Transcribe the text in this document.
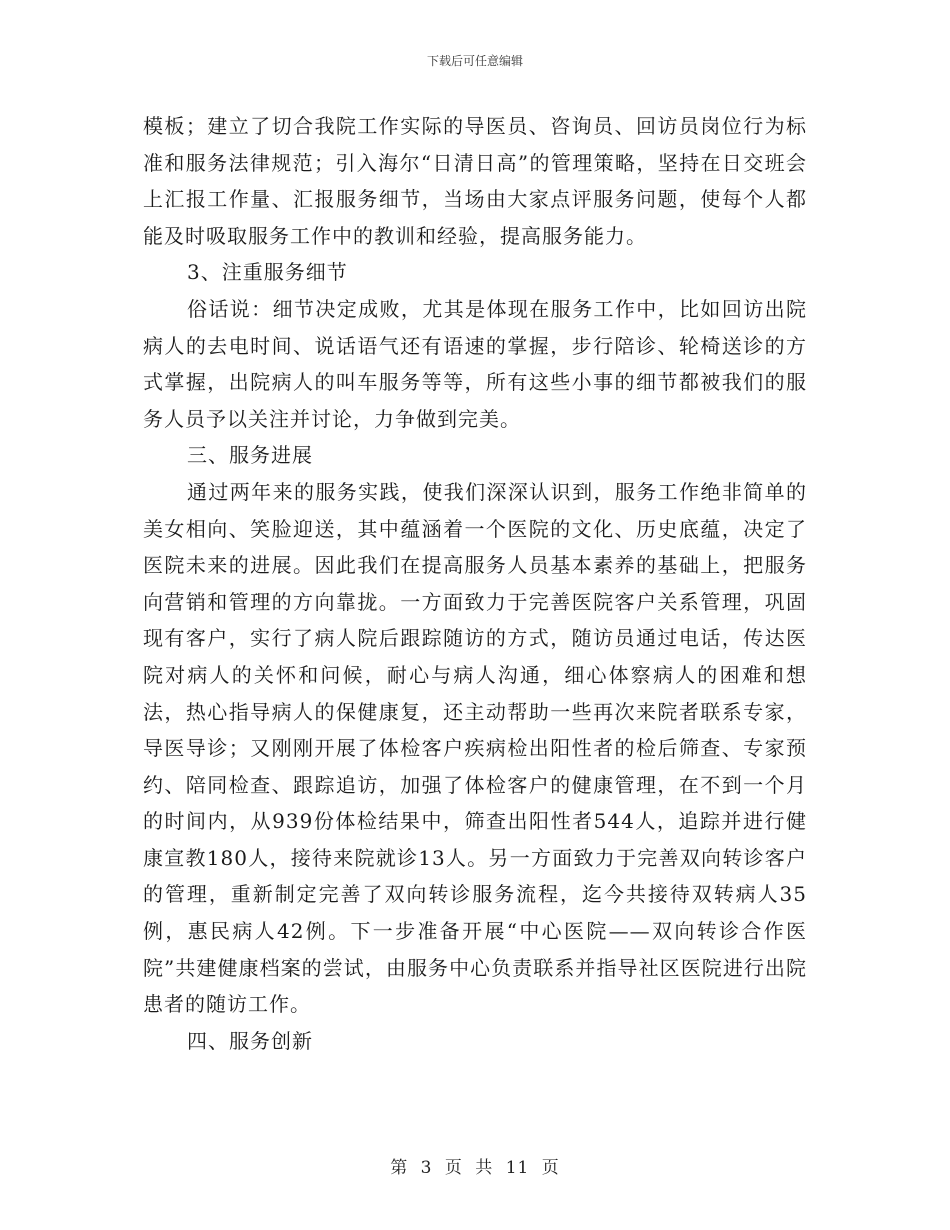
下载后可任意编辑

模板；建立了切合我院工作实际的导医员、咨询员、回访员岗位行为标准和服务法律规范；引入海尔“日清日高”的管理策略，坚持在日交班会上汇报工作量、汇报服务细节，当场由大家点评服务问题，使每个人都能及时吸取服务工作中的教训和经验，提高服务能力。

3、注重服务细节

俗话说：细节决定成败，尤其是体现在服务工作中，比如回访出院病人的去电时间、说话语气还有语速的掌握，步行陪诊、轮椅送诊的方式掌握，出院病人的叫车服务等等，所有这些小事的细节都被我们的服务人员予以关注并讨论，力争做到完美。

三、服务进展

通过两年来的服务实践，使我们深深认识到，服务工作绝非简单的美女相向、笑脸迎送，其中蕴涵着一个医院的文化、历史底蕴，决定了医院未来的进展。因此我们在提高服务人员基本素养的基础上，把服务向营销和管理的方向靠拢。一方面致力于完善医院客户关系管理，巩固现有客户，实行了病人院后跟踪随访的方式，随访员通过电话，传达医院对病人的关怀和问候，耐心与病人沟通，细心体察病人的困难和想法，热心指导病人的保健康复，还主动帮助一些再次来院者联系专家，导医导诊；又刚刚开展了体检客户疾病检出阳性者的检后筛查、专家预约、陪同检查、跟踪追访，加强了体检客户的健康管理，在不到一个月的时间内，从939份体检结果中，筛查出阳性者544人，追踪并进行健康宣教180人，接待来院就诊13人。另一方面致力于完善双向转诊客户的管理，重新制定完善了双向转诊服务流程，迄今共接待双转病人35例，惠民病人42例。下一步准备开展“中心医院——双向转诊合作医院”共建健康档案的尝试，由服务中心负责联系并指导社区医院进行出院患者的随访工作。

四、服务创新

第 3 页 共 11 页
